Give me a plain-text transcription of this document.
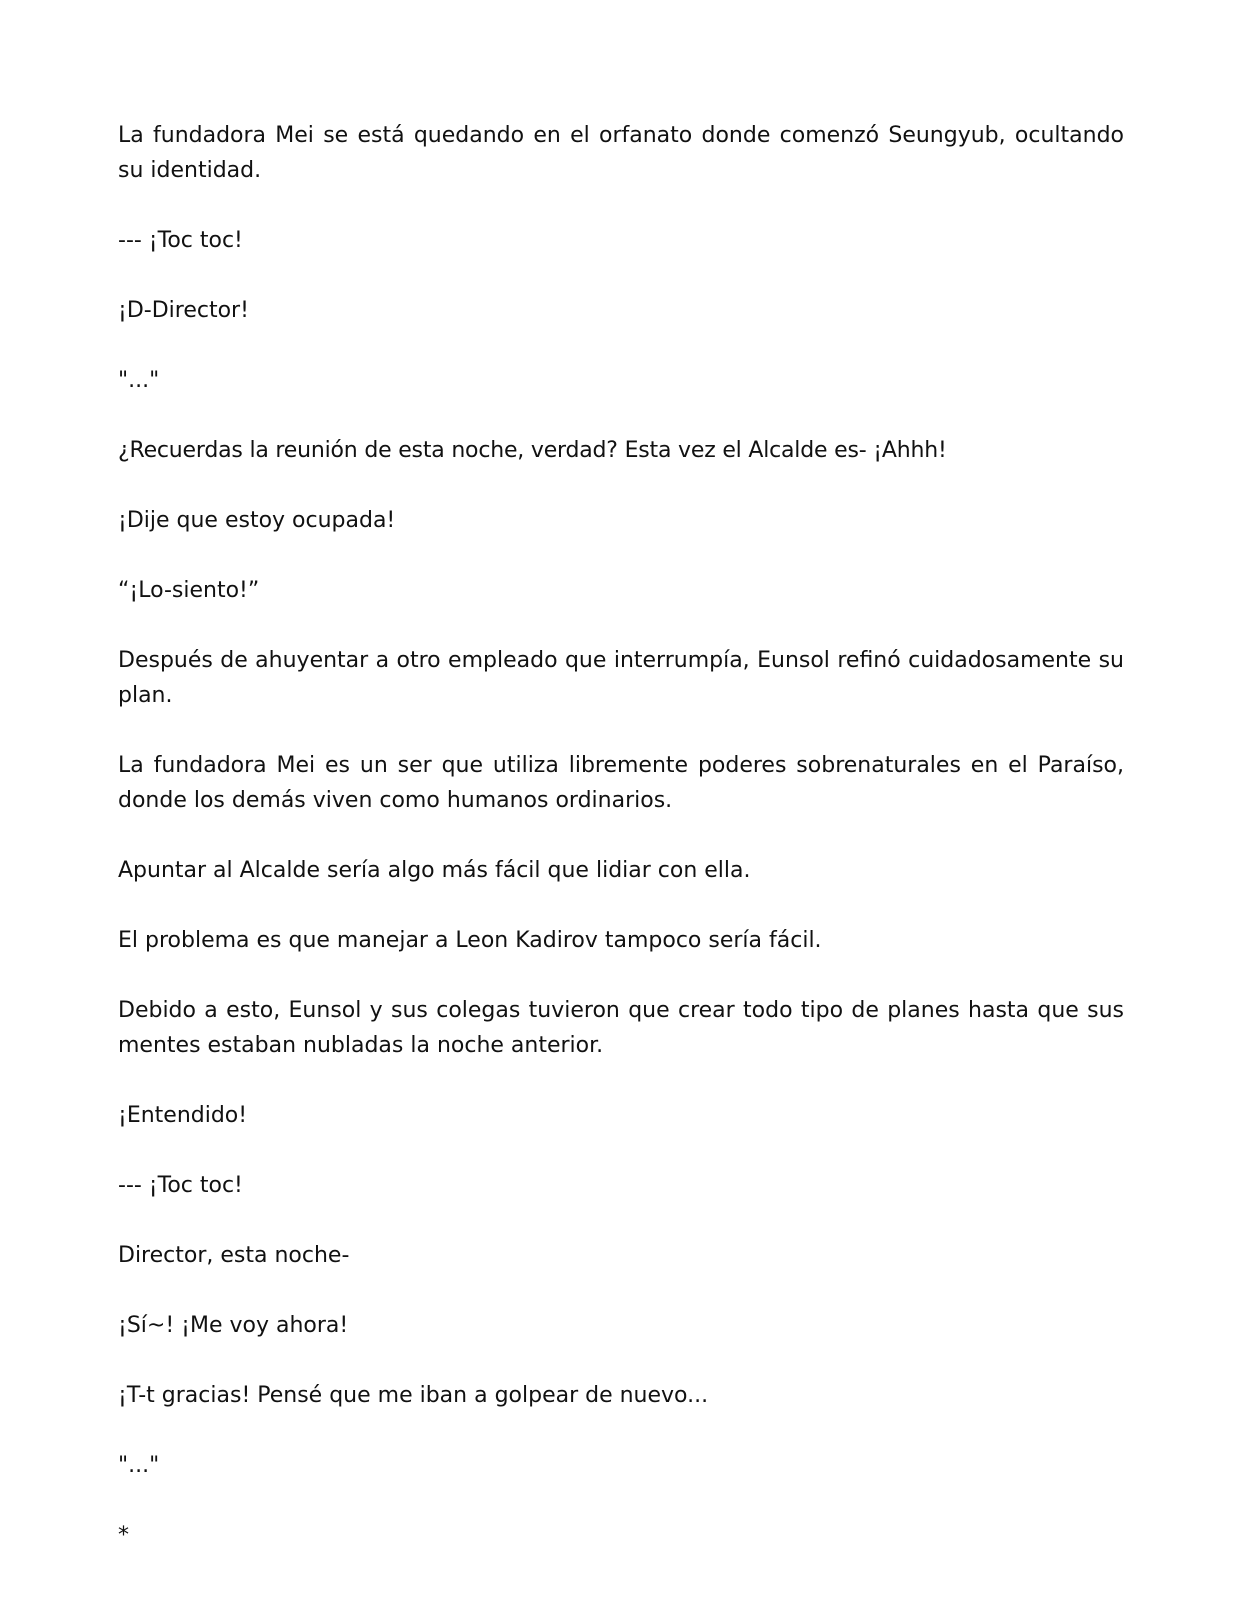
La fundadora Mei se está quedando en el orfanato donde comenzó Seungyub, ocultando su identidad.

--- ¡Toc toc!

¡D-Director!

"..."

¿Recuerdas la reunión de esta noche, verdad? Esta vez el Alcalde es- ¡Ahhh!

¡Dije que estoy ocupada!

“¡Lo-siento!”

Después de ahuyentar a otro empleado que interrumpía, Eunsol refinó cuidadosamente su plan.

La fundadora Mei es un ser que utiliza libremente poderes sobrenaturales en el Paraíso, donde los demás viven como humanos ordinarios.

Apuntar al Alcalde sería algo más fácil que lidiar con ella.

El problema es que manejar a Leon Kadirov tampoco sería fácil.

Debido a esto, Eunsol y sus colegas tuvieron que crear todo tipo de planes hasta que sus mentes estaban nubladas la noche anterior.

¡Entendido!

--- ¡Toc toc!

Director, esta noche-

¡Sí~! ¡Me voy ahora!

¡T-t gracias! Pensé que me iban a golpear de nuevo...

"..."

*
